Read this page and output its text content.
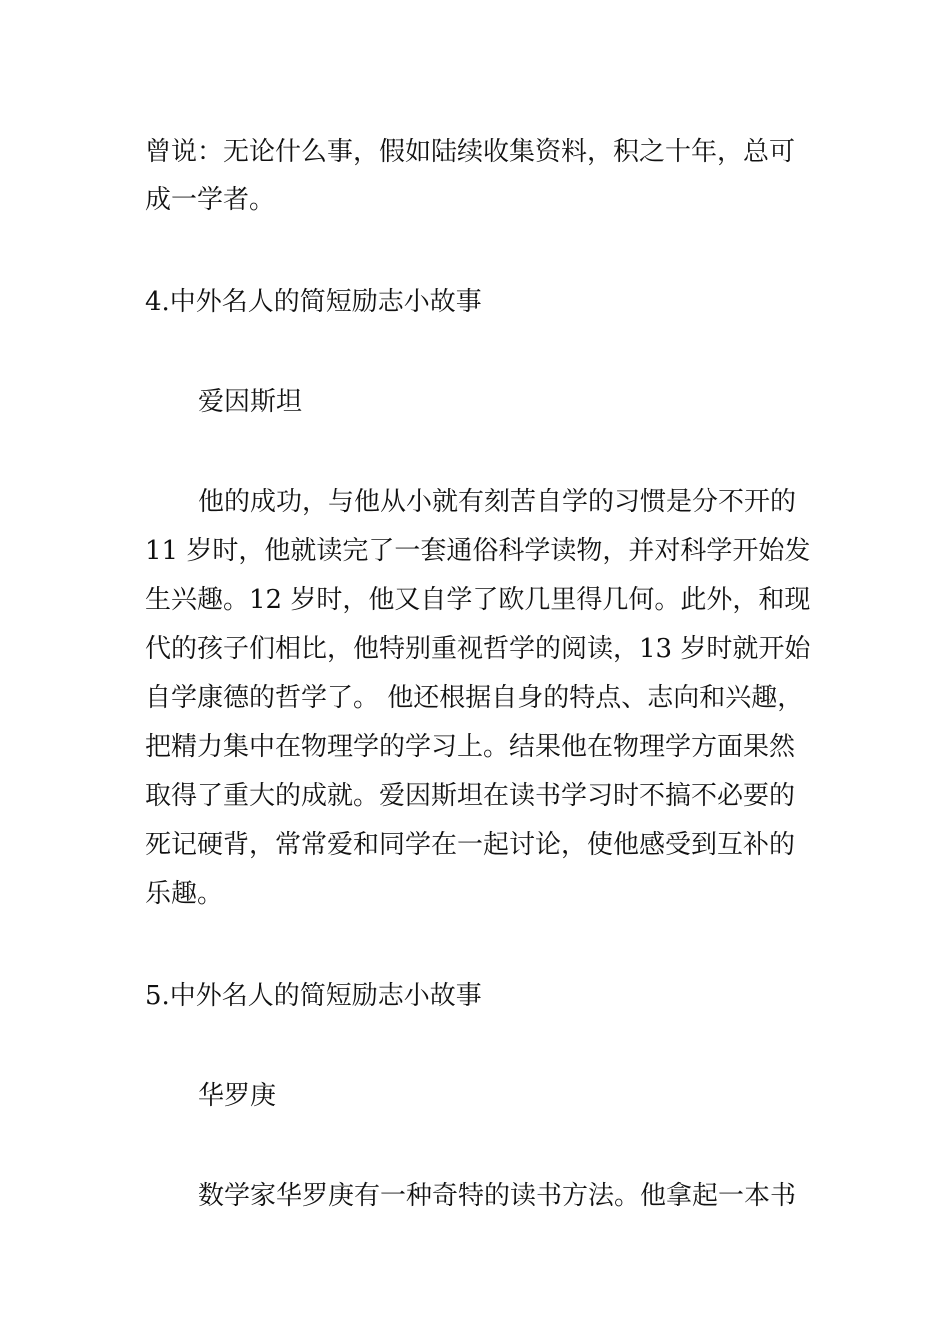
曾说：无论什么事，假如陆续收集资料，积之十年，总可
成一学者。
4.中外名人的简短励志小故事
爱因斯坦
他的成功，与他从小就有刻苦自学的习惯是分不开的
11 岁时，他就读完了一套通俗科学读物，并对科学开始发
生兴趣。12 岁时，他又自学了欧几里得几何。此外，和现
代的孩子们相比，他特别重视哲学的阅读，13 岁时就开始
自学康德的哲学了。 他还根据自身的特点、志向和兴趣，
把精力集中在物理学的学习上。结果他在物理学方面果然
取得了重大的成就。爱因斯坦在读书学习时不搞不必要的
死记硬背，常常爱和同学在一起讨论，使他感受到互补的
乐趣。
5.中外名人的简短励志小故事
华罗庚
数学家华罗庚有一种奇特的读书方法。他拿起一本书
